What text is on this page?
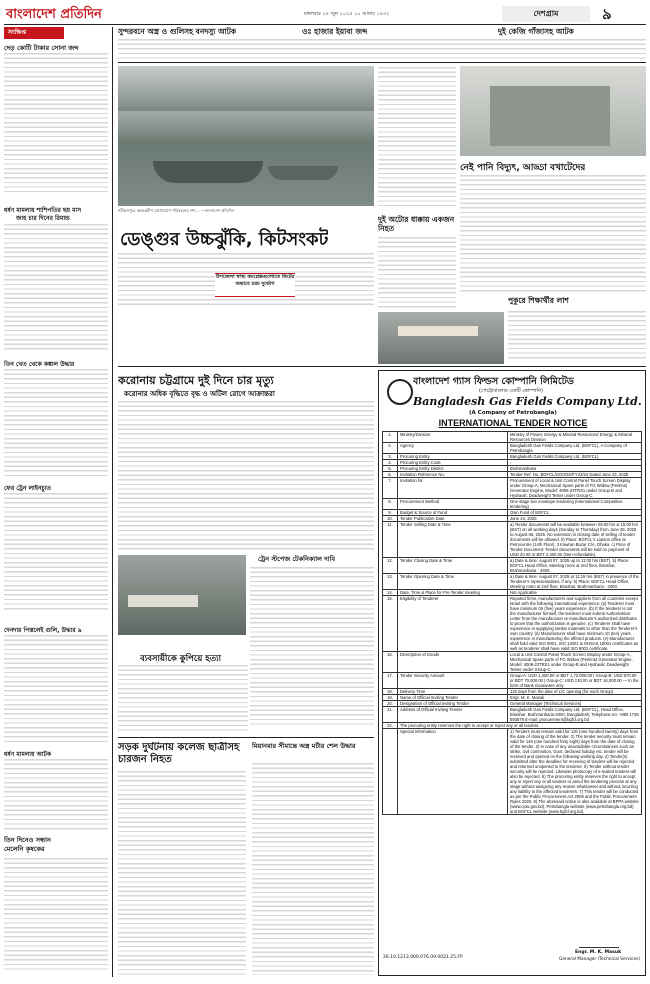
বাংলাদেশ প্রতিদিন	মঙ্গলবার ২৪ জুন ২০২৫ ১০ আষাঢ় ১৪৩২	দেশগ্রাম	৯
সংক্ষিপ্ত
দেড় কোটি টাকার সোনা জব্দ
ধর্ষণ মামলায় শাশিপতির ছয় মাস
জাহ চার দিনের রিমান্ড
তিন খেত থেকে কঙ্কাল উদ্ধার
ফের ট্রেন লাইনচ্যুত
দেনদার পিস্তলেই গুলি, উদ্ধার ৯
ধর্ষণ মামলায় আটক
তিন দিনেও সন্ধান
মেলেনি কৃষকের
সুন্দরবনে অস্ত্র ও গুলিসহ বনদস্যু আটক	ওঃ হাজার ইয়াবা জব্দ	দুই কেজি গাঁজাসহ আটক
শরীয়তপুরে অভ্যন্তরীণ যোগাযোগ পরিবহনের দশা… —বাংলাদেশ প্রতিদিন
দুই অটোর ধাক্কায় একজন নিহত
ডেঙ্গুর উচ্চঝুঁকি, কিটসংকট
উপজেলা স্বাস্থ্য কমপ্লেক্সগুলোতে কিটের অভাবে চরম দুর্ভোগ
নেই পানি বিদ্যুৎ, আড্ডা বখাটেদের
পুকুরে শিক্ষার্থীর লাশ
করোনায় চট্টগ্রামে দুই দিনে চার মৃত্যু
করোনার অধিক বৃদ্ধিতে বৃদ্ধ ও অটিল রোগে আক্রান্তরা
ট্রেন স্টপেজ টেকনিক্যাল দাবি
ব্যবসায়ীকে কুপিয়ে হত্যা
সড়ক দুর্ঘটনায় কলেজ ছাত্রীসহ চারজন নিহত
মিয়ানমার সীমান্তে অস্ত্র মর্টার শেল উদ্ধার
বাংলাদেশ গ্যাস ফিল্ডস কোম্পানি লিমিটেড
(পেট্রোবাংলার একটি কোম্পানি)
Bangladesh Gas Fields Company Ltd.
(A Company of Petrobangla)
INTERNATIONAL TENDER NOTICE
1.	Ministry/Division	Ministry of Power, Energy & Mineral Resources/ Energy & Mineral Resources Division
2.	Agency	Bangladesh Gas Fields Company Ltd. (BGFCL), A Company of Petrobangla
3.	Procuring Entity	Bangladesh Gas Fields Company Ltd. (BGFCL)
4.	Procuring Entity Code	-
5.	Procuring Entity District	Brahmanbaria
6.	Invitation Reference No.	Tender Ref. No. BGFCL/GOODS/FY23/24 Dated June 23, 2025
7.	Invitation for	Procurement of Local & Unit Control Panel Touch Screen Display under Group-A, Mechanical Spare parts of FG Widow (Perkins) Generator Engine, Model: 4006-23TRS1 under Group-B and Hydraulic Deadweight Tester under Group-C.
8.	Procurement Method	One stage two envelope tendering (International Competitive tendering)
9.	Budget & Source of Fund	Own Fund of BGFCL
10.	Tender Publication Date	June 24, 2025
11.	Tender Selling Date & Time	a) Tender documents will be available between 09.00 hrs & 15.00 hrs (BST) on all working days (Sunday to Thursday) from June 25, 2025 to August 06, 2025. No extension in closing date of selling of tender documents will be allowed. b) Place: BGFCL's Liaison office at Petrocentre (14th Floor), 3 Kawran Bazar C/A, Dhaka. c) Price of Tender Document: Tender documents will be sold on payment of USD 20.00 or BDT 2,400.00 (Non-refundable).
12.	Tender Closing Date & Time	a) Date & time: August 07, 2025 up to 11:00 hrs (BST). b) Place: BGFCL Head Office, Meeting room at 2nd floor, Birashar, Brahmanbaria - 3400.
13.	Tender Opening Date & Time	a) Date & time: August 07, 2025 at 11:15 hrs (BST) in presence of the Tenderer's representatives, if any. b) Place: BGFCL Head Office, Meeting room at 2nd floor, Birashar, Brahmanbaria - 3400.
14.	Date, Time & Place for Pre-Tender meeting	Not Applicable
15.	Eligibility of Tenderer	Reputed firms, manufacturers and suppliers from all countries except Israel with the following international experience: (a) Tenderer must have minimum 05 (five) years experience. (b) If the tenderer is not the manufacturer himself, the tenderer must submit Authorization Letter from the manufacturer or manufacturer's authorized distributor to prove that the authorization is genuine. (c) Tenderer shall have experience in supplying similar materials to other than the Tenderer's own country. (d) Manufacturer shall have minimum 10 (ten) years experience in manufacturing the offered products. (e) Manufacturer shall hold valid ISO 9001, ISO 14001 & OHSAS 18001 certificates as well as tenderer shall have valid ISO 9001 certificate.
16.	Description of Goods	Local & Unit Control Panel Touch Screen Display under Group-A, Mechanical Spare parts of FG Widow (Perkins) Generator Engine, Model: 4006-23TRS1 under Group-B and Hydraulic Deadweight Tester under Group-C.
17.	Tender Security Amount	Group-A: USD 1,400.00 or BDT 1,72,000.00 | Group-B: USD 570.00 or BDT 70,000.00 | Group-C: USD 130.00 or BDT 16,000.00 — In the form of Bank Guarantee only
18.	Delivery Time	120 days from the date of L/C opening (for each Group).
19.	Name of Official Inviting Tender	Engr. M. K. Masuk
20.	Designation of Official Inviting Tender	General Manager (Technical Services)
21.	Address of Official Inviting Tender	Bangladesh Gas Fields Company Ltd. (BGFCL), Head Office, Birashar, Brahmanbaria-3400, Bangladesh, Telephone no: +880 1730 593679 E-mail: procurement@bgfcl.org.bd
22.	The procuring entity reserves the right to accept or reject any or all tenders.	
	Special Information	1) Tenders must remain valid for 120 (one hundred twenty) days from the date of closing of the tender. 2) The tender security must remain valid for 148 (one hundred forty eight) days from the date of closing of the tender. 3) In case of any unavoidable circumstances such as strike, civil commotion, Govt. declared holiday etc. tender will be received and opened on the following working day. 4) Tender(s) submitted after the deadline for receiving of tenders will be rejected and returned unopened to the tenderer. 5) Tender without tender security will be rejected. Likewise photocopy of e-mailed tenders will also be rejected. 6) The procuring entity reserves the right to accept any or reject any or all tenders or annul the tendering process at any stage without assigning any reason whatsoever and without incurring any liability to the affected tenderers. 7) This tender will be conducted as per the Public Procurement Act 2006 and the Public Procurement Rules 2025. 8) The aforesaid notice is also available at BPPA website (www.cptu.gov.bd), Petrobangla website (www.petrobangla.org.bd) and BGFCL website (www.bgfcl.org.bd).
26.10.1213.000.076.09.0021.25.FP
Engr. M. K. Masuk
General Manager (Technical Services)
